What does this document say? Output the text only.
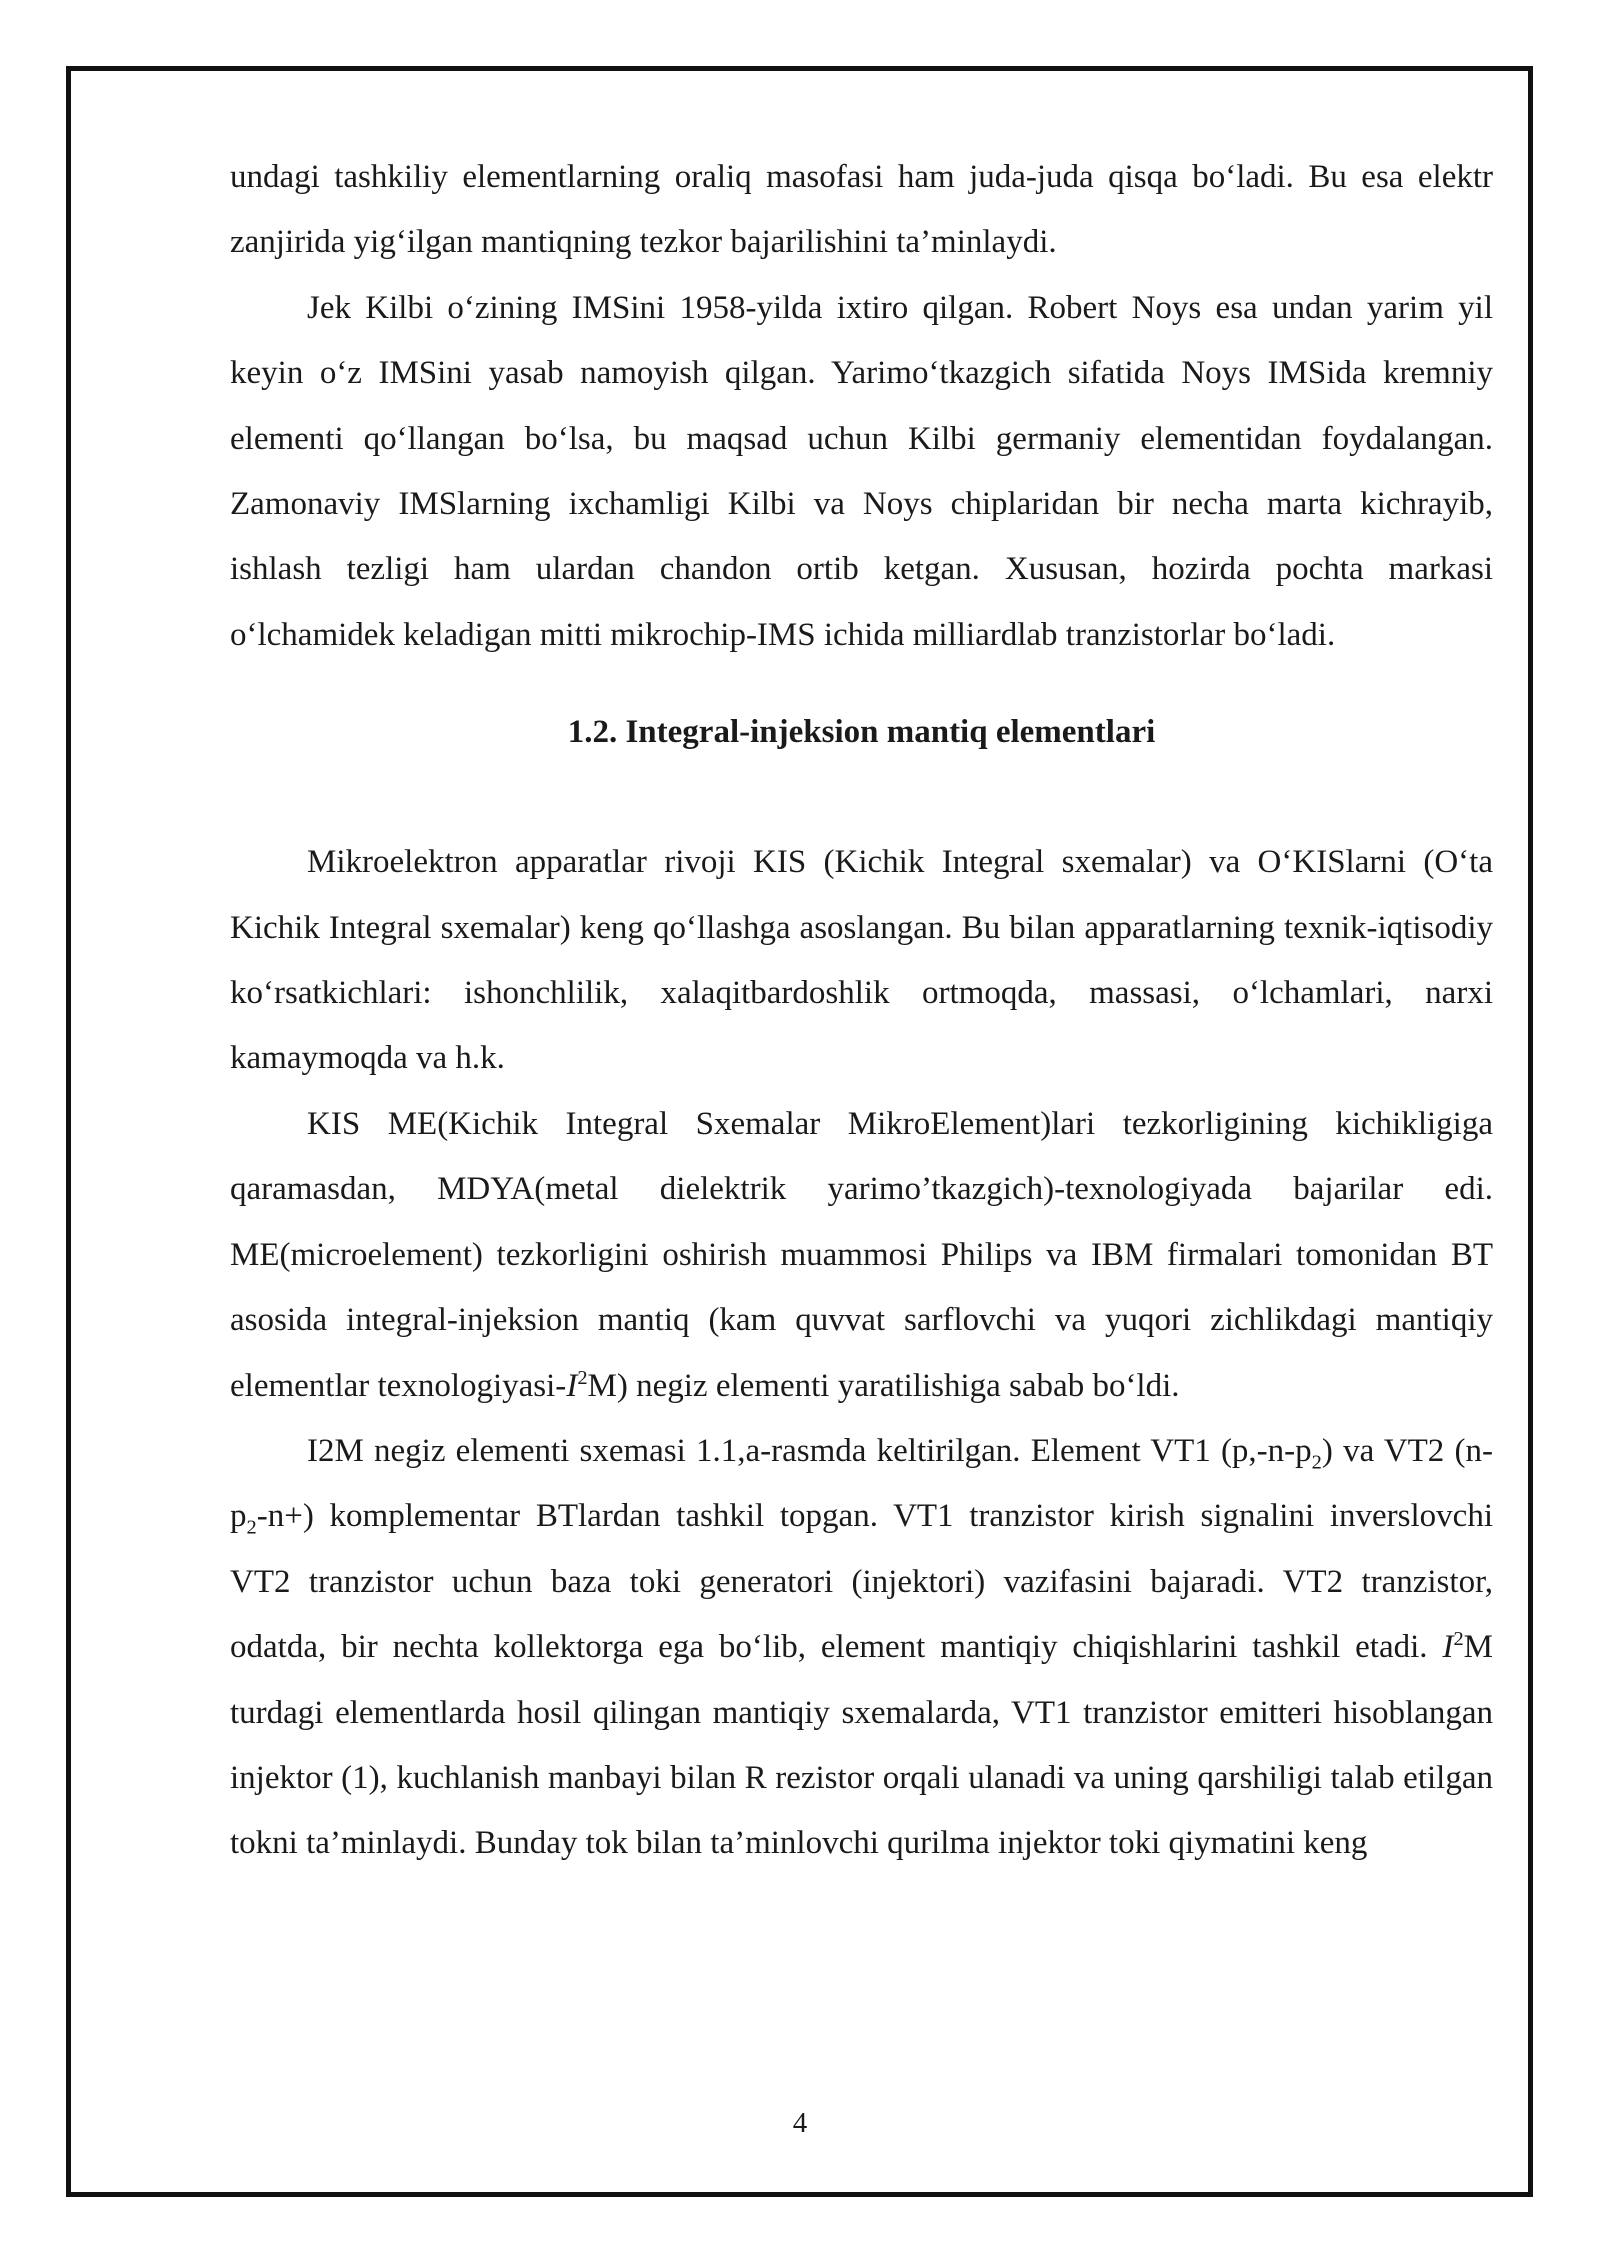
undagi tashkiliy elementlarning oraliq masofasi ham juda-juda qisqa bo‘ladi. Bu esa elektr zanjirida yig‘ilgan mantiqning tezkor bajarilishini ta’minlaydi.

Jek Kilbi o‘zining IMSini 1958-yilda ixtiro qilgan. Robert Noys esa undan yarim yil keyin o‘z IMSini yasab namoyish qilgan. Yarimo‘tkazgich sifatida Noys IMSida kremniy elementi qo‘llangan bo‘lsa, bu maqsad uchun Kilbi germaniy elementidan foydalangan. Zamonaviy IMSlarning ixchamligi Kilbi va Noys chiplaridan bir necha marta kichrayib, ishlash tezligi ham ulardan chandon ortib ketgan. Xususan, hozirda pochta markasi o‘lchamidek keladigan mitti mikrochip-IMS ichida milliardlab tranzistorlar bo‘ladi.

1.2. Integral-injeksion mantiq elementlari

Mikroelektron apparatlar rivoji KIS (Kichik Integral sxemalar) va O‘KISlarni (O‘ta Kichik Integral sxemalar) keng qo‘llashga asoslangan. Bu bilan apparatlarning texnik-iqtisodiy ko‘rsatkichlari: ishonchlilik, xalaqitbardoshlik ortmoqda, massasi, o‘lchamlari, narxi kamaymoqda va h.k.

KIS ME(Kichik Integral Sxemalar MikroElement)lari tezkorligining kichikligiga qaramasdan, MDYA(metal dielektrik yarimo’tkazgich)-texnologiyada bajarilar edi. ME(microelement) tezkorligini oshirish muammosi Philips va IBM firmalari tomonidan BT asosida integral-injeksion mantiq (kam quvvat sarflovchi va yuqori zichlikdagi mantiqiy elementlar texnologiyasi-$I^2M$) negiz elementi yaratilishiga sabab bo‘ldi.

I2M negiz elementi sxemasi 1.1,a-rasmda keltirilgan. Element VT1 $(p,-n-p_2)$ va VT2 $(n-p_2-n+)$ komplementar BTlardan tashkil topgan. VT1 tranzistor kirish signalini inverslovchi VT2 tranzistor uchun baza toki generatori (injektori) vazifasini bajaradi. VT2 tranzistor, odatda, bir nechta kollektorga ega bo‘lib, element mantiqiy chiqishlarini tashkil etadi. $I^2M$ turdagi elementlarda hosil qilingan mantiqiy sxemalarda, VT1 tranzistor emitteri hisoblangan injektor (1), kuchlanish manbayi bilan R rezistor orqali ulanadi va uning qarshiligi talab etilgan tokni ta’minlaydi. Bunday tok bilan ta’minlovchi qurilma injektor toki qiymatini keng

4
